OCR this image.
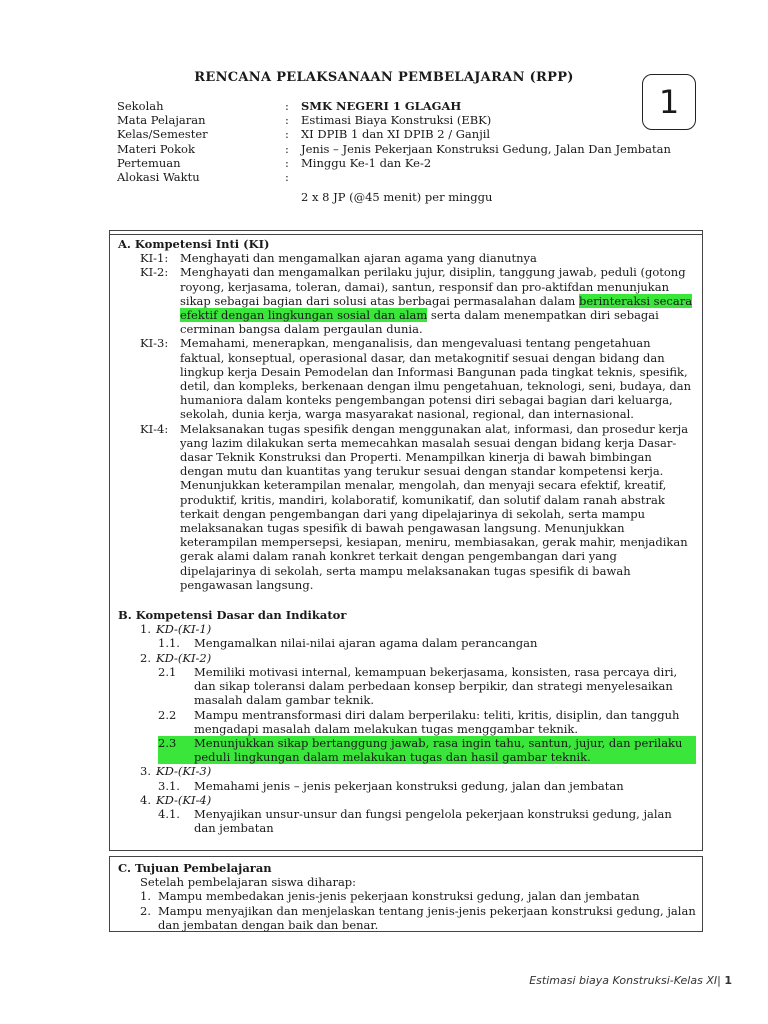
RENCANA PELAKSANAAN PEMBELAJARAN (RPP)
1
Sekolah	:	SMK NEGERI 1 GLAGAH
Mata Pelajaran	:	Estimasi Biaya Konstruksi (EBK)
Kelas/Semester	:	XI DPIB 1 dan XI DPIB 2 / Ganjil
Materi Pokok	:	Jenis – Jenis Pekerjaan Konstruksi Gedung, Jalan Dan Jembatan
Pertemuan	:	Minggu Ke-1 dan Ke-2
Alokasi Waktu	:
2 x 8 JP (@45 menit) per minggu
A. Kompetensi Inti (KI)
KI-1:	Menghayati dan mengamalkan ajaran agama yang dianutnya
KI-2:	Menghayati dan mengamalkan perilaku jujur, disiplin, tanggung jawab, peduli (gotong royong, kerjasama, toleran, damai), santun, responsif dan pro-aktifdan menunjukan sikap sebagai bagian dari solusi atas berbagai permasalahan dalam berinteraksi secara efektif dengan lingkungan sosial dan alam serta dalam menempatkan diri sebagai cerminan bangsa dalam pergaulan dunia.
KI-3:	Memahami, menerapkan, menganalisis, dan mengevaluasi tentang pengetahuan faktual, konseptual, operasional dasar, dan metakognitif sesuai dengan bidang dan lingkup kerja Desain Pemodelan dan Informasi Bangunan pada tingkat teknis, spesifik, detil, dan kompleks, berkenaan dengan ilmu pengetahuan, teknologi, seni, budaya, dan humaniora dalam konteks pengembangan potensi diri sebagai bagian dari keluarga, sekolah, dunia kerja, warga masyarakat nasional, regional, dan internasional.
KI-4:	Melaksanakan tugas spesifik dengan menggunakan alat, informasi, dan prosedur kerja yang lazim dilakukan serta memecahkan masalah sesuai dengan bidang kerja Dasar-dasar Teknik Konstruksi dan Properti. Menampilkan kinerja di bawah bimbingan dengan mutu dan kuantitas yang terukur sesuai dengan standar kompetensi kerja. Menunjukkan keterampilan menalar, mengolah, dan menyaji secara efektif, kreatif, produktif, kritis, mandiri, kolaboratif, komunikatif, dan solutif dalam ranah abstrak terkait dengan pengembangan dari yang dipelajarinya di sekolah, serta mampu melaksanakan tugas spesifik di bawah pengawasan langsung. Menunjukkan keterampilan mempersepsi, kesiapan, meniru, membiasakan, gerak mahir, menjadikan gerak alami dalam ranah konkret terkait dengan pengembangan dari yang dipelajarinya di sekolah, serta mampu melaksanakan tugas spesifik di bawah pengawasan langsung.
B. Kompetensi Dasar dan Indikator
1. KD-(KI-1)
1.1.	Mengamalkan nilai-nilai ajaran agama dalam perancangan
2. KD-(KI-2)
2.1	Memiliki motivasi internal, kemampuan bekerjasama, konsisten, rasa percaya diri, dan sikap toleransi dalam perbedaan konsep berpikir, dan strategi menyelesaikan masalah dalam gambar teknik.
2.2	Mampu mentransformasi diri dalam berperilaku: teliti, kritis, disiplin, dan tangguh mengadapi masalah dalam melakukan tugas menggambar teknik.
2.3	Menunjukkan sikap bertanggung jawab, rasa ingin tahu, santun, jujur, dan perilaku peduli lingkungan dalam melakukan tugas dan hasil gambar teknik.
3. KD-(KI-3)
3.1.	Memahami jenis – jenis pekerjaan konstruksi gedung, jalan dan jembatan
4. KD-(KI-4)
4.1.	Menyajikan unsur-unsur dan fungsi pengelola pekerjaan konstruksi gedung, jalan dan jembatan
C. Tujuan Pembelajaran
Setelah pembelajaran siswa diharap:
1. Mampu membedakan jenis-jenis pekerjaan konstruksi gedung, jalan dan jembatan
2. Mampu menyajikan dan menjelaskan tentang jenis-jenis pekerjaan konstruksi gedung, jalan dan jembatan dengan baik dan benar.
Estimasi biaya Konstruksi-Kelas XI| 1
